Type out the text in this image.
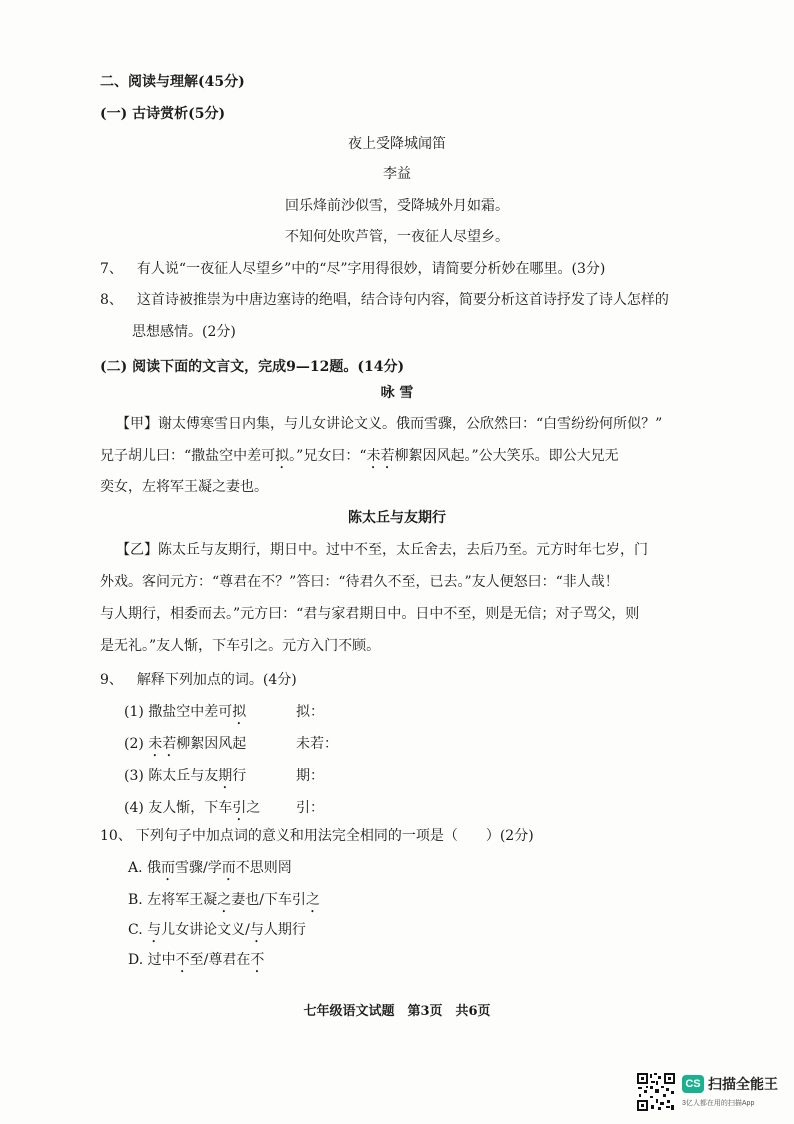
二、阅读与理解(45分)
(一) 古诗赏析(5分)
夜上受降城闻笛
李益
回乐烽前沙似雪，受降城外月如霜。
不知何处吹芦管，一夜征人尽望乡。
7、 有人说“一夜征人尽望乡”中的“尽”字用得很妙，请简要分析妙在哪里。(3分)
8、 这首诗被推崇为中唐边塞诗的绝唱，结合诗句内容，简要分析这首诗抒发了诗人怎样的
思想感情。(2分)
(二) 阅读下面的文言文，完成9—12题。(14分)
咏 雪
【甲】谢太傅寒雪日内集，与儿女讲论文义。俄而雪骤，公欣然曰：“白雪纷纷何所似？”
兄子胡儿曰：“撒盐空中差可拟。”兄女曰：“未若柳絮因风起。”公大笑乐。即公大兄无
奕女，左将军王凝之妻也。
陈太丘与友期行
【乙】陈太丘与友期行，期日中。过中不至，太丘舍去，去后乃至。元方时年七岁，门
外戏。客问元方：“尊君在不？”答曰：“待君久不至，已去。”友人便怒曰：“非人哉！
与人期行，相委而去。”元方曰：“君与家君期日中。日中不至，则是无信；对子骂父，则
是无礼。”友人惭，下车引之。元方入门不顾。
9、 解释下列加点的词。(4分)
(1) 撒盐空中差可拟	拟：
(2) 未若柳絮因风起	未若：
(3) 陈太丘与友期行	期：
(4) 友人惭，下车引之	引：
10、 下列句子中加点词的意义和用法完全相同的一项是（　　）(2分)
A. 俄而雪骤/学而不思则罔
B. 左将军王凝之妻也/下车引之
C. 与儿女讲论文义/与人期行
D. 过中不至/尊君在不
七年级语文试题　第3页　共6页
CS 扫描全能王
3亿人都在用的扫描App
